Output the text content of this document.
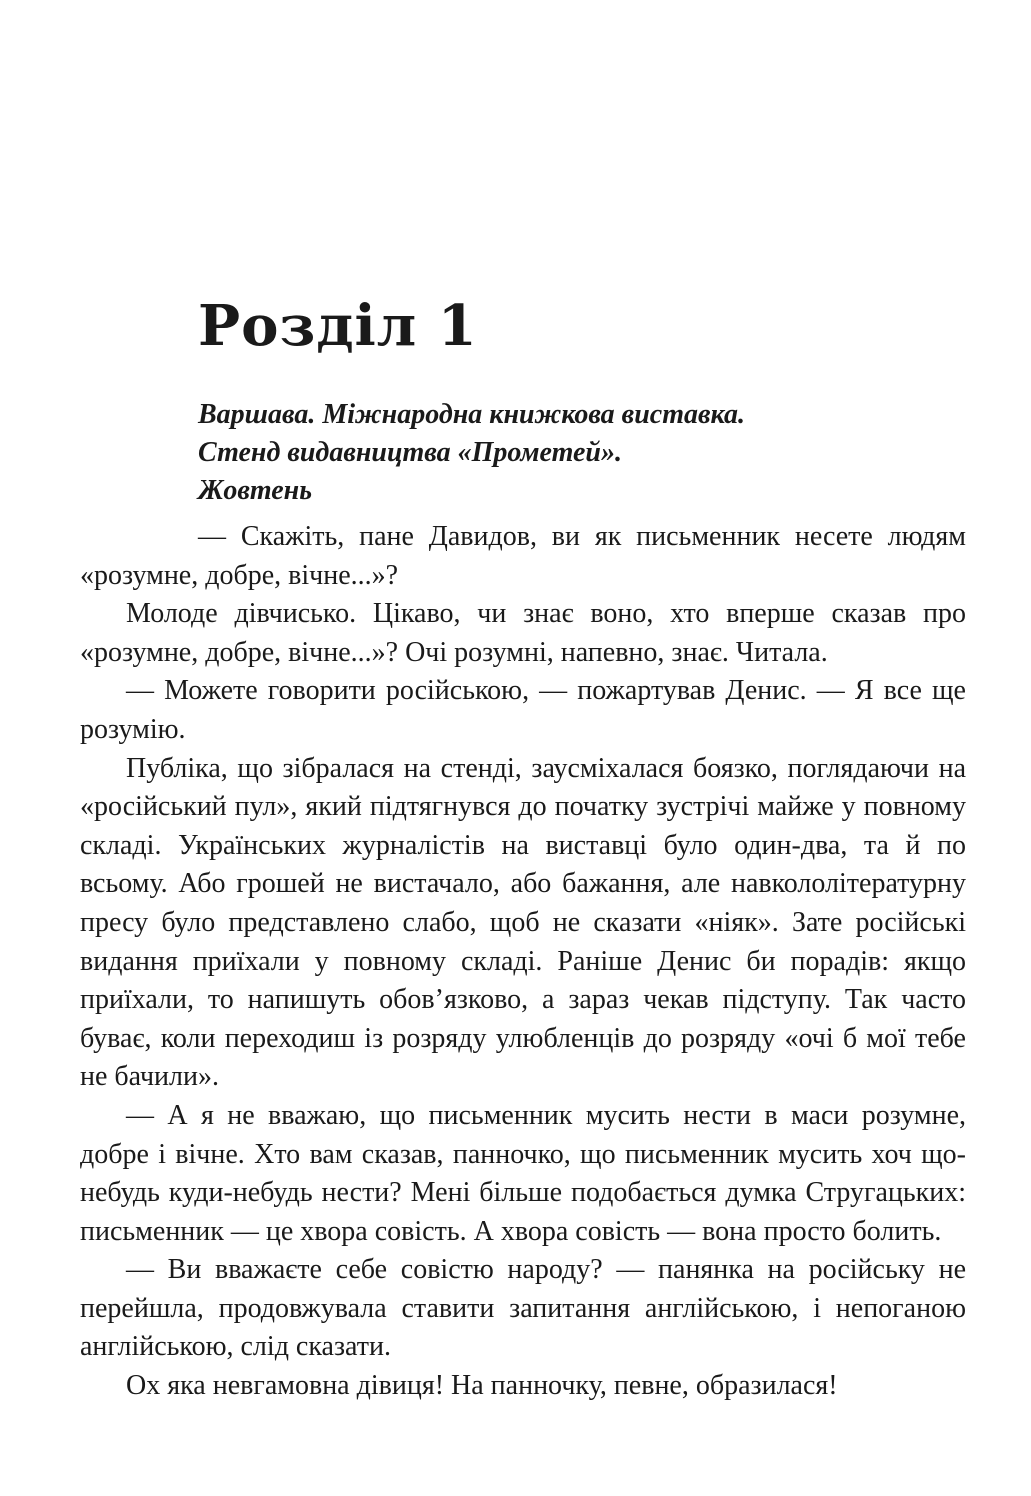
Розділ 1
Варшава. Міжнародна книжкова виставка.
Стенд видавництва «Прометей».
Жовтень

— Скажіть, пане Давидов, ви як письменник несете людям «розумне, добре, вічне...»?

Молоде дівчисько. Цікаво, чи знає воно, хто вперше сказав про «розумне, добре, вічне...»? Очі розумні, напевно, знає. Читала.

— Можете говорити російською, — пожартував Денис. — Я все ще розумію.

Публіка, що зібралася на стенді, заусміхалася боязко, поглядаючи на «російський пул», який підтягнувся до початку зустрічі майже у повному складі. Українських журналістів на виставці було один-два, та й по всьому. Або грошей не вистачало, або бажання, але навкололітературну пресу було представлено слабо, щоб не сказати «ніяк». Зате російські видання приїхали у повному складі. Раніше Денис би порадів: якщо приїхали, то напишуть обов’язково, а зараз чекав підступу. Так часто буває, коли переходиш із розряду улюбленців до розряду «очі б мої тебе не бачили».

— А я не вважаю, що письменник мусить нести в маси розумне, добре і вічне. Хто вам сказав, панночко, що письменник мусить хоч що-небудь куди-небудь нести? Мені більше подобається думка Стругацьких: письменник — це хвора совість. А хвора совість — вона просто болить.

— Ви вважаєте себе совістю народу? — панянка на російську не перейшла, продовжувала ставити запитання англійською, і непоганою англійською, слід сказати.

Ох яка невгамовна дівиця! На панночку, певне, образилася!
